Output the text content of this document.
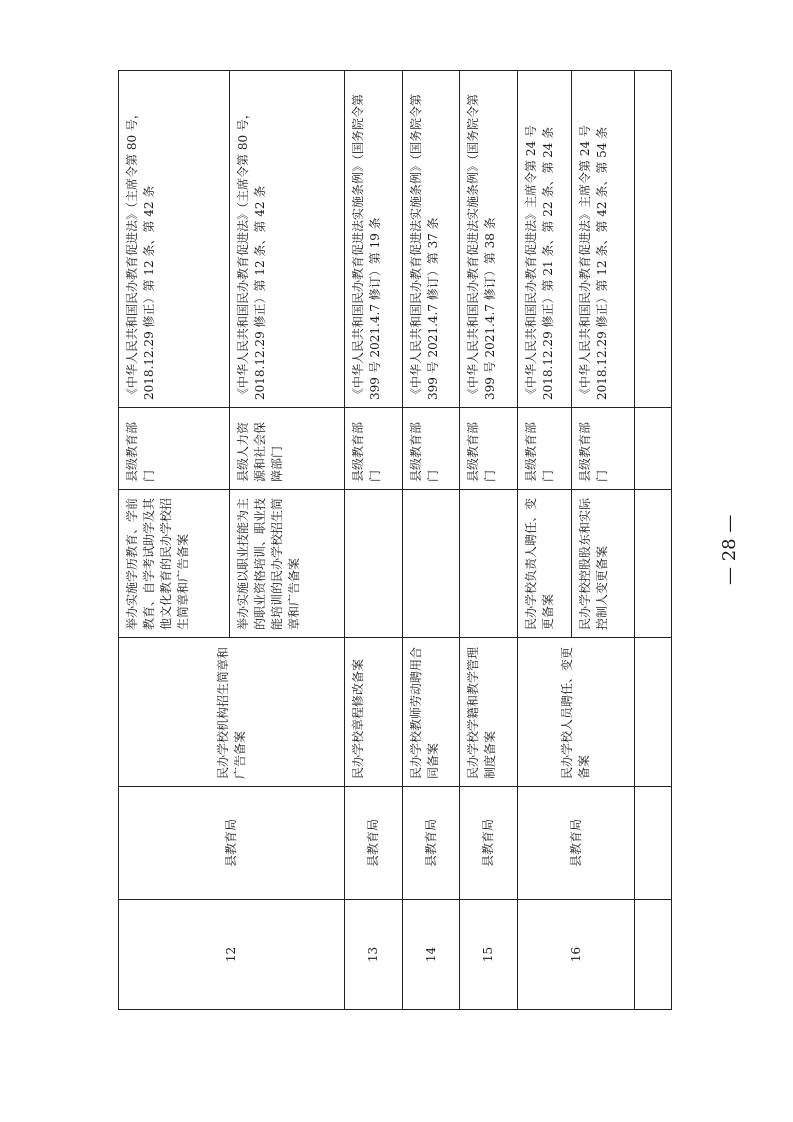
12	县教育局	民办学校机构招生简章和广告备案	举办实施学历教育、学前教育、自学考试助学及其他文化教育的民办学校招生简章和广告备案	县级教育部门	《中华人民共和国民办教育促进法》（主席令第 80 号，2018.12.29 修正）第 12 条、第 42 条
			举办实施以职业技能为主的职业资格培训、职业技能培训的民办学校招生简章和广告备案	县级人力资源和社会保障部门	《中华人民共和国民办教育促进法》（主席令第 80 号，2018.12.29 修正）第 12 条、第 42 条
13	县教育局	民办学校章程修改备案		县级教育部门	《中华人民共和国民办教育促进法实施条例》（国务院令第 399 号 2021.4.7 修订）第 19 条
14	县教育局	民办学校教师劳动聘用合同备案		县级教育部门	《中华人民共和国民办教育促进法实施条例》（国务院令第 399 号 2021.4.7 修订）第 37 条
15	县教育局	民办学校学籍和教学管理制度备案		县级教育部门	《中华人民共和国民办教育促进法实施条例》（国务院令第 399 号 2021.4.7 修订）第 38 条
16	县教育局	民办学校人员聘任、变更备案	民办学校负责人聘任、变更备案	县级教育部门	《中华人民共和国民办教育促进法》主席令第 24 号 2018.12.29 修正）第 21 条、第 22 条、第 24 条
			民办学校控股股东和实际控制人变更备案	县级教育部门	《中华人民共和国民办教育促进法》主席令第 24 号 2018.12.29 修正）第 12 条、第 42 条、第 54 条

— 28 —
